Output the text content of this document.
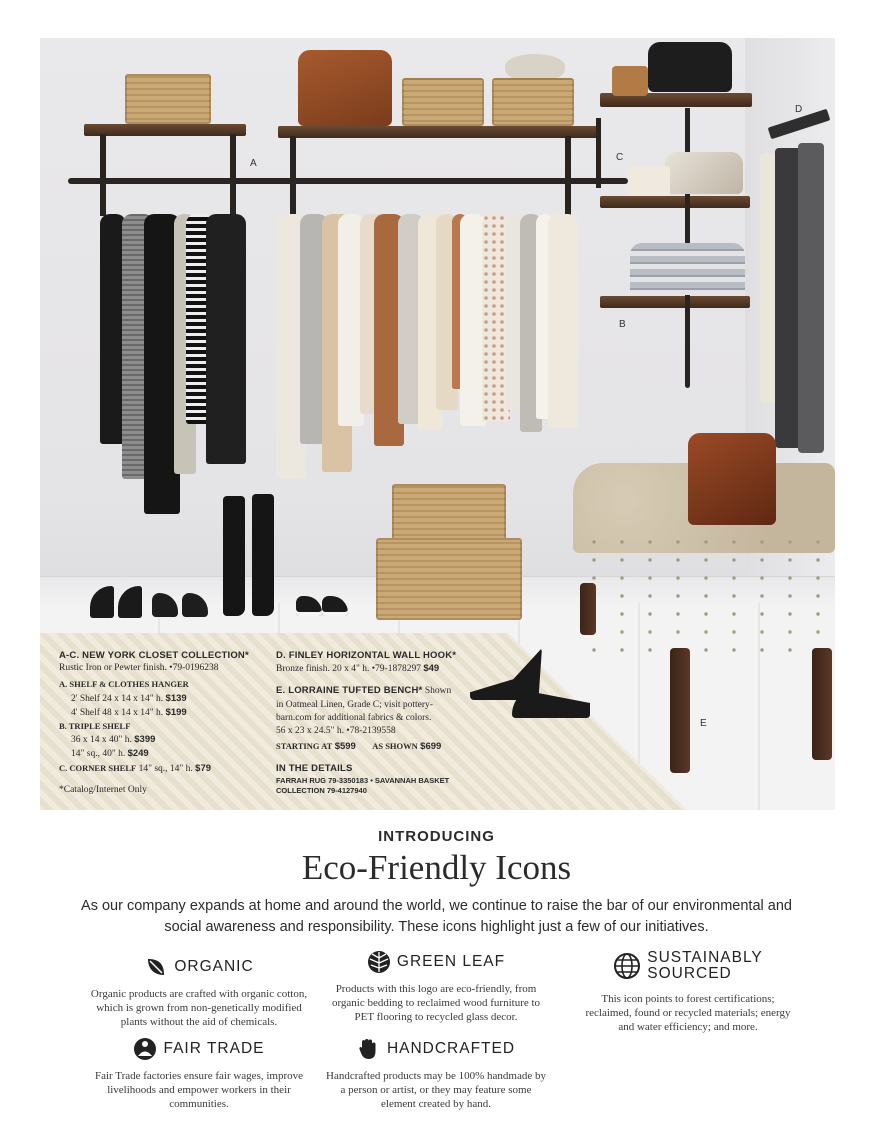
A
C
D
B
E
A-C. NEW YORK CLOSET COLLECTION*
Rustic Iron or Pewter finish. •79-0196238
A. SHELF & CLOTHES HANGER
2' Shelf 24 x 14 x 14" h. $139
4' Shelf 48 x 14 x 14" h. $199
B. TRIPLE SHELF
36 x 14 x 40" h. $399
14" sq., 40" h. $249
C. CORNER SHELF 14" sq., 14" h. $79
*Catalog/Internet Only
D. FINLEY HORIZONTAL WALL HOOK*
Bronze finish. 20 x 4" h. •79-1878297 $49
E. LORRAINE TUFTED BENCH* Shown
in Oatmeal Linen, Grade C; visit pottery-
barn.com for additional fabrics & colors.
56 x 23 x 24.5" h. •78-2139558
STARTING AT $599 AS SHOWN $699
IN THE DETAILS
FARRAH RUG 79-3350183 • SAVANNAH BASKET
COLLECTION 79-4127940
INTRODUCING
Eco-Friendly Icons
As our company expands at home and around the world, we continue to raise the bar of our environmental and social awareness and responsibility. These icons highlight just a few of our initiatives.
ORGANIC
Organic products are crafted with organic cotton, which is grown from non-genetically modified plants without the aid of chemicals.
GREEN LEAF
Products with this logo are eco-friendly, from organic bedding to reclaimed wood furniture to PET flooring to recycled glass decor.
SUSTAINABLY
SOURCED
This icon points to forest certifications; reclaimed, found or recycled materials; energy and water efficiency; and more.
FAIR TRADE
Fair Trade factories ensure fair wages, improve livelihoods and empower workers in their communities.
HANDCRAFTED
Handcrafted products may be 100% handmade by a person or artist, or they may feature some element created by hand.
